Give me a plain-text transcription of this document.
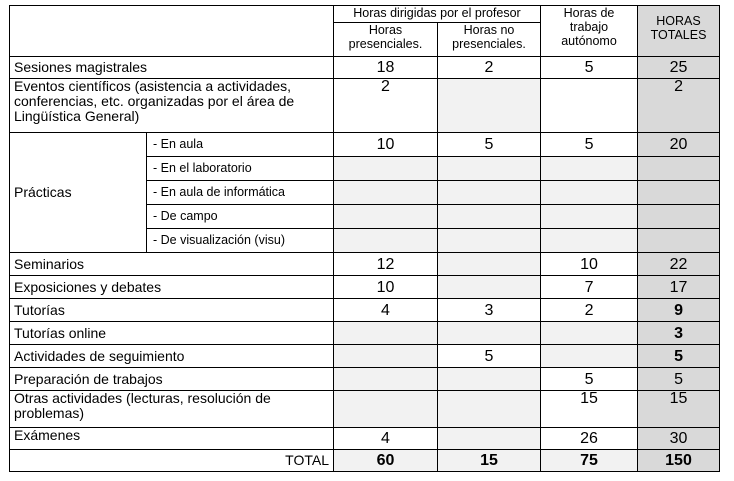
		Horas dirigidas por el profesor		Horas de trabajo autónomo	HORAS TOTALES
		Horas presenciales.	Horas no presenciales.		
Sesiones magistrales		18	2	5	25
Eventos científicos (asistencia a actividades, conferencias, etc. organizadas por el área de Lingüística General)		2			2
Prácticas	- En aula	10	5	5	20
	- En el laboratorio				
	- En aula de informática				
	- De campo				
	- De visualización (visu)				
Seminarios		12		10	22
Exposiciones y debates		10		7	17
Tutorías		4	3	2	9
Tutorías online					3
Actividades de seguimiento			5		5
Preparación de trabajos				5	5
Otras actividades (lecturas, resolución de problemas)				15	15
Exámenes		4		26	30
TOTAL		60	15	75	150
